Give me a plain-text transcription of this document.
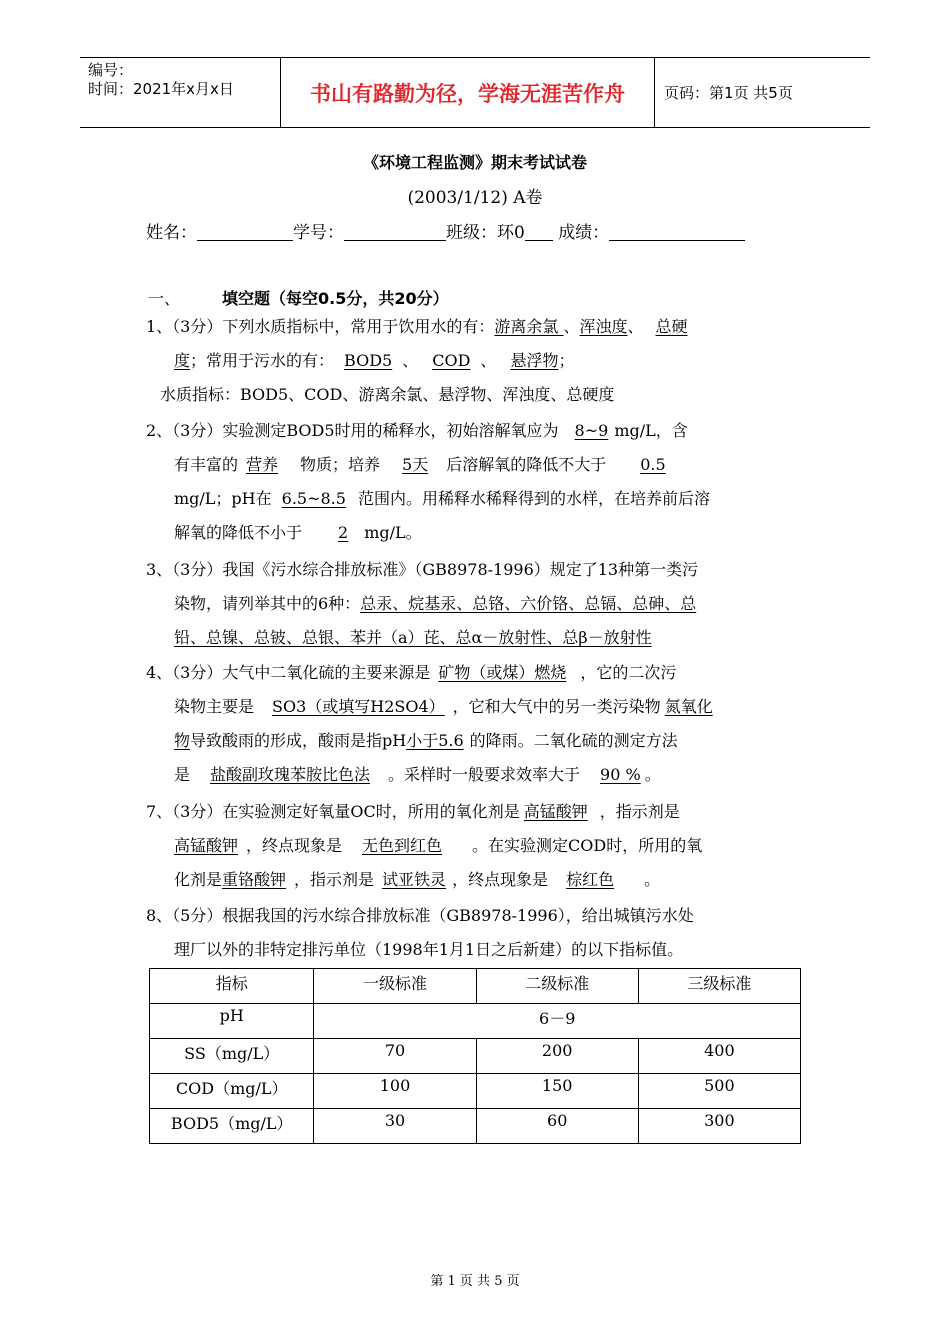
编号：
时间：2021年x月x日	书山有路勤为径，学海无涯苦作舟	页码：第1页 共5页
《环境工程监测》期末考试试卷
(2003/1/12) A卷
姓名：	学号：	班级：环0 成绩：
一、	填空题（每空0.5分，共20分）
1、（3分）下列水质指标中，常用于饮用水的有： 游离余氯
、 浑浊度 、 总硬
度 ；常用于污水的有： BOD5 、 COD 、 悬浮物 ；
水质指标：BOD5、COD、游离余氯、悬浮物、浑浊度、总硬度
2、（3分）实验测定BOD5时用的稀释水，初始溶解氧应为	8~9 mg/L，含
有丰富的 营养	物质；培养	5天	后溶解氧的降低不大于	0.5
mg/L；pH在 6.5~8.5 范围内。用稀释水稀释得到的水样，在培养前后溶
解氧的降低不小于	2	mg/L。
3、（3分）我国《污水综合排放标准》（GB8978-1996）规定了13种第一类污
染物，请列举其中的6种： 总汞、烷基汞、总铬、六价铬、总镉、总砷、总
铅、总镍、总铍、总银、苯并（a）芘、总α－放射性、总β－放射性
4、（3分）大气中二氧化硫的主要来源是 矿物（或煤）燃烧 ，它的二次污
染物主要是	SO3（或填写H2SO4） ，它和大气中的另一类污染物 氮氧化
物 导致酸雨的形成，酸雨是指pH 小于5.6 的降雨。二氧化硫的测定方法
是	盐酸副玫瑰苯胺比色法	。采样时一般要求效率大于	90 % 。
7、（3分）在实验测定好氧量OC时，所用的氧化剂是 高锰酸钾 ，指示剂是
高锰酸钾 ，终点现象是	无色到红色	。在实验测定COD时，所用的氧
化剂是 重铬酸钾 ，指示剂是 试亚铁灵 ，终点现象是	棕红色	。
8、（5分）根据我国的污水综合排放标准（GB8978-1996），给出城镇污水处
理厂以外的非特定排污单位（1998年1月1日之后新建）的以下指标值。
指标	一级标准	二级标准	三级标准
pH	6－9		
SS（mg/L）	70	200	400
COD（mg/L）	100	150	500
BOD5（mg/L）	30	60	300
第 1 页 共 5 页
